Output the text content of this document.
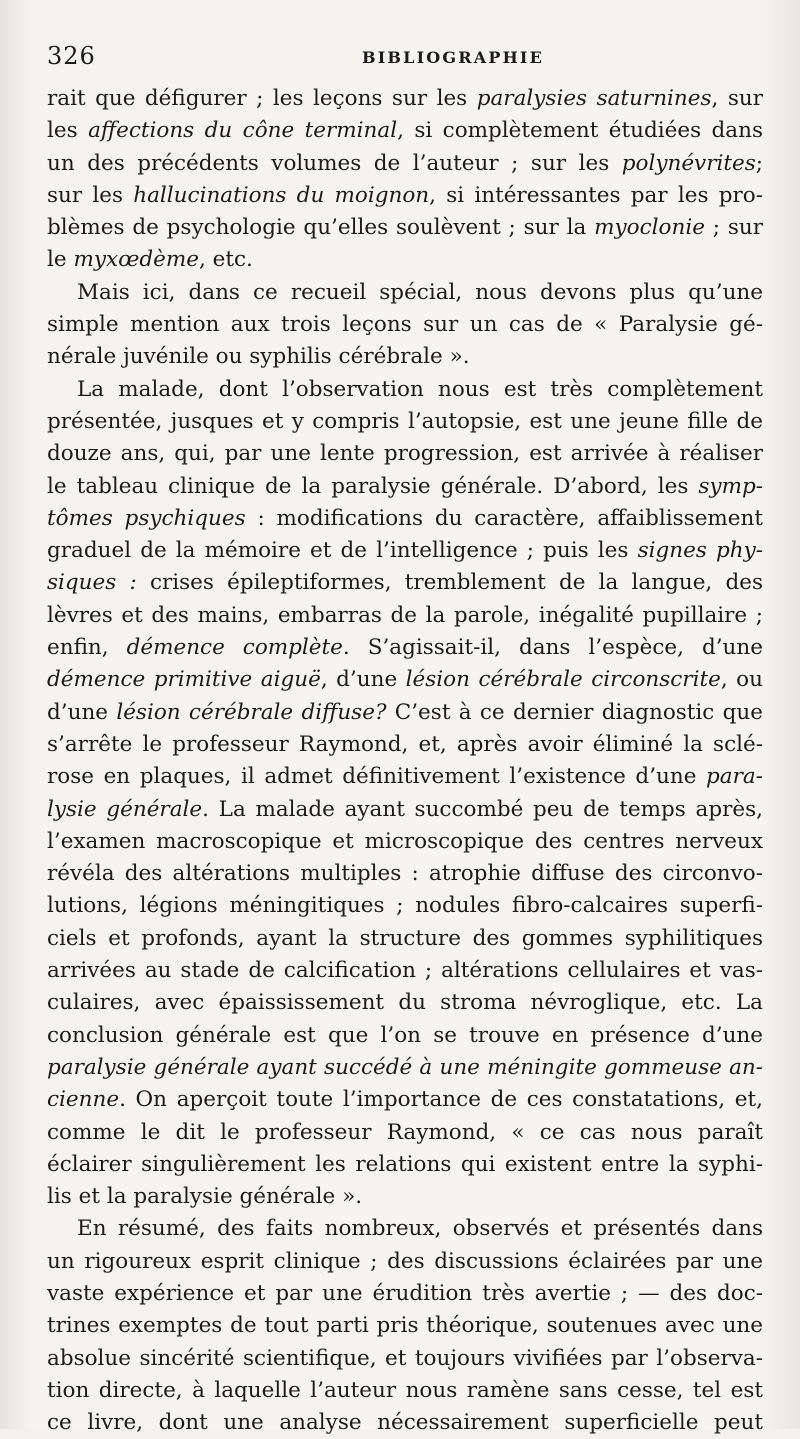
326	BIBLIOGRAPHIE
rait que défigurer ; les leçons sur les paralysies saturnines, sur
les affections du cône terminal, si complètement étudiées dans
un des précédents volumes de l’auteur ; sur les polynévrites;
sur les hallucinations du moignon, si intéressantes par les pro-
blèmes de psychologie qu’elles soulèvent ; sur la myoclonie ; sur
le myxœdème, etc.
Mais ici, dans ce recueil spécial, nous devons plus qu’une
simple mention aux trois leçons sur un cas de « Paralysie gé-
nérale juvénile ou syphilis cérébrale ».
La malade, dont l’observation nous est très complètement
présentée, jusques et y compris l’autopsie, est une jeune fille de
douze ans, qui, par une lente progression, est arrivée à réaliser
le tableau clinique de la paralysie générale. D’abord, les symp-
tômes psychiques : modifications du caractère, affaiblissement
graduel de la mémoire et de l’intelligence ; puis les signes phy-
siques : crises épileptiformes, tremblement de la langue, des
lèvres et des mains, embarras de la parole, inégalité pupillaire ;
enfin, démence complète. S’agissait-il, dans l’espèce, d’une
démence primitive aiguë, d’une lésion cérébrale circonscrite, ou
d’une lésion cérébrale diffuse? C’est à ce dernier diagnostic que
s’arrête le professeur Raymond, et, après avoir éliminé la sclé-
rose en plaques, il admet définitivement l’existence d’une para-
lysie générale. La malade ayant succombé peu de temps après,
l’examen macroscopique et microscopique des centres nerveux
révéla des altérations multiples : atrophie diffuse des circonvo-
lutions, légions méningitiques ; nodules fibro-calcaires superfi-
ciels et profonds, ayant la structure des gommes syphilitiques
arrivées au stade de calcification ; altérations cellulaires et vas-
culaires, avec épaississement du stroma névroglique, etc. La
conclusion générale est que l’on se trouve en présence d’une
paralysie générale ayant succédé à une méningite gommeuse an-
cienne. On aperçoit toute l’importance de ces constatations, et,
comme le dit le professeur Raymond, « ce cas nous paraît
éclairer singulièrement les relations qui existent entre la syphi-
lis et la paralysie générale ».
En résumé, des faits nombreux, observés et présentés dans
un rigoureux esprit clinique ; des discussions éclairées par une
vaste expérience et par une érudition très avertie ; — des doc-
trines exemptes de tout parti pris théorique, soutenues avec une
absolue sincérité scientifique, et toujours vivifiées par l’observa-
tion directe, à laquelle l’auteur nous ramène sans cesse, tel est
ce livre, dont une analyse nécessairement superficielle peut
